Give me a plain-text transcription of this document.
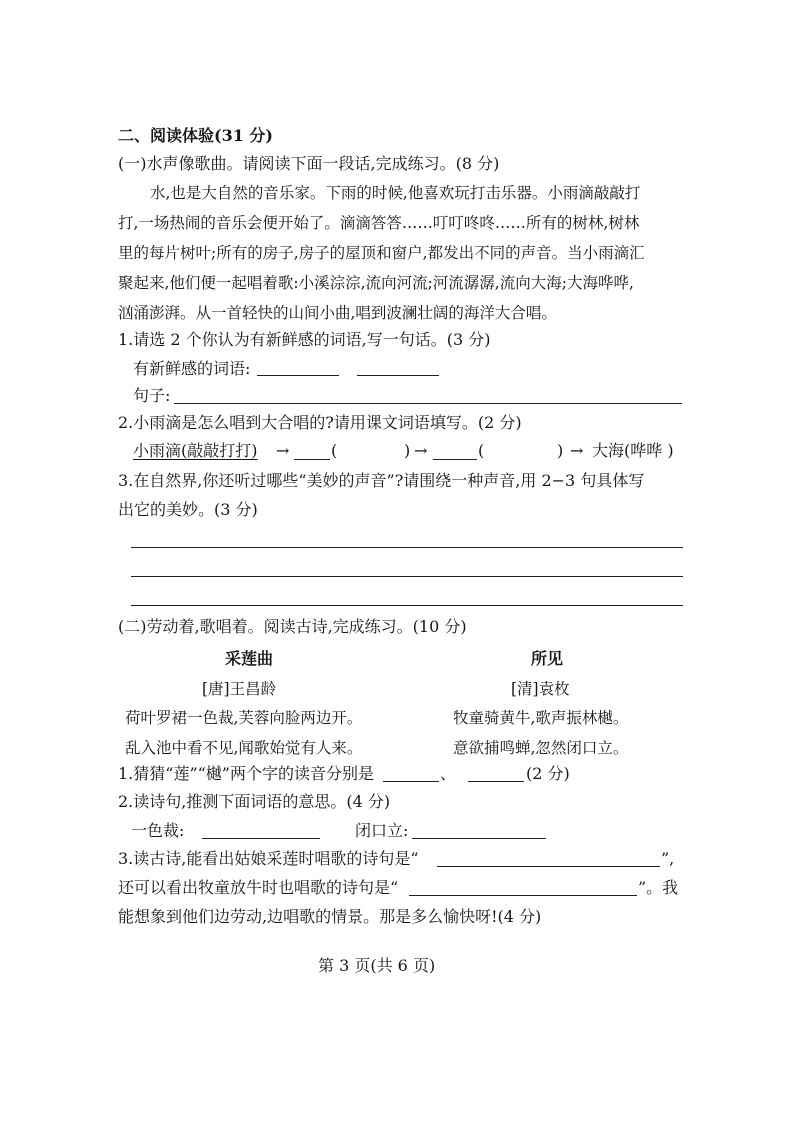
二、阅读体验(31 分)
(一)水声像歌曲。请阅读下面一段话,完成练习。(8 分)
水,也是大自然的音乐家。下雨的时候,他喜欢玩打击乐器。小雨滴敲敲打
打,一场热闹的音乐会便开始了。滴滴答答……叮叮咚咚……所有的树林,树林
里的每片树叶;所有的房子,房子的屋顶和窗户,都发出不同的声音。当小雨滴汇
聚起来,他们便一起唱着歌:小溪淙淙,流向河流;河流潺潺,流向大海;大海哗哗,
汹涌澎湃。从一首轻快的山间小曲,唱到波澜壮阔的海洋大合唱。
1.请选 2 个你认为有新鲜感的词语,写一句话。(3 分)
有新鲜感的词语:
句子:
2.小雨滴是怎么唱到大合唱的?请用课文词语填写。(2 分)
小雨滴(敲敲打打) →	(	) →	(	) → 大海(哗哗 )
3.在自然界,你还听过哪些“美妙的声音”?请围绕一种声音,用 2−3 句具体写
出它的美妙。(3 分)
(二)劳动着,歌唱着。阅读古诗,完成练习。(10 分)
采莲曲
[唐]王昌龄
荷叶罗裙一色裁,芙蓉向脸两边开。
乱入池中看不见,闻歌始觉有人来。
所见
[清]袁枚
牧童骑黄牛,歌声振林樾。
意欲捕鸣蝉,忽然闭口立。
1.猜猜“莲”“樾”两个字的读音分别是	、	(2 分)
2.读诗句,推测下面词语的意思。(4 分)
一色裁:	闭口立:
3.读古诗,能看出姑娘采莲时唱歌的诗句是“	”,
还可以看出牧童放牛时也唱歌的诗句是“	”。我
能想象到他们边劳动,边唱歌的情景。那是多么愉快呀!(4 分)
第 3 页(共 6 页)
